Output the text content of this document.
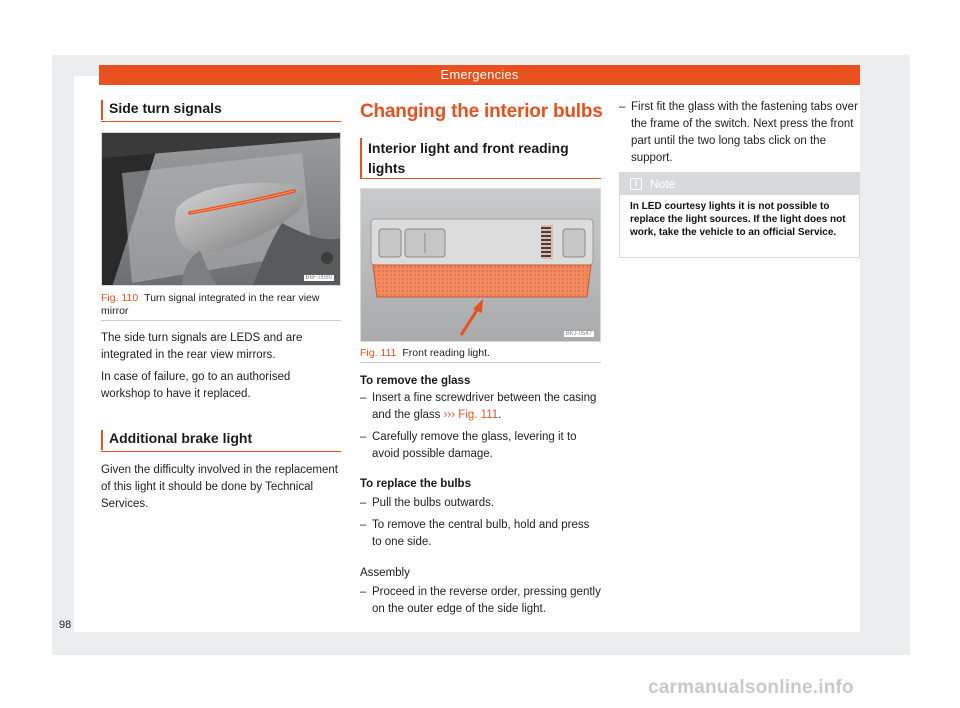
Emergencies
Side turn signals
B6F-0080
Fig. 110 Turn signal integrated in the rear view mirror
The side turn signals are LEDS and are integrated in the rear view mirrors.
In case of failure, go to an authorised workshop to have it replaced.
Additional brake light
Given the difficulty involved in the replacement of this light it should be done by Technical Services.
Changing the interior bulbs
Interior light and front reading lights
BKJ-0547
Fig. 111 Front reading light.
To remove the glass
– Insert a fine screwdriver between the casing and the glass ››› Fig. 111.
– Carefully remove the glass, levering it to avoid possible damage.
To replace the bulbs
– Pull the bulbs outwards.
– To remove the central bulb, hold and press to one side.
Assembly
– Proceed in the reverse order, pressing gently on the outer edge of the side light.
– First fit the glass with the fastening tabs over the frame of the switch. Next press the front part until the two long tabs click on the support.
i	Note
In LED courtesy lights it is not possible to replace the light sources. If the light does not work, take the vehicle to an official Service.
98
carmanualsonline.info
